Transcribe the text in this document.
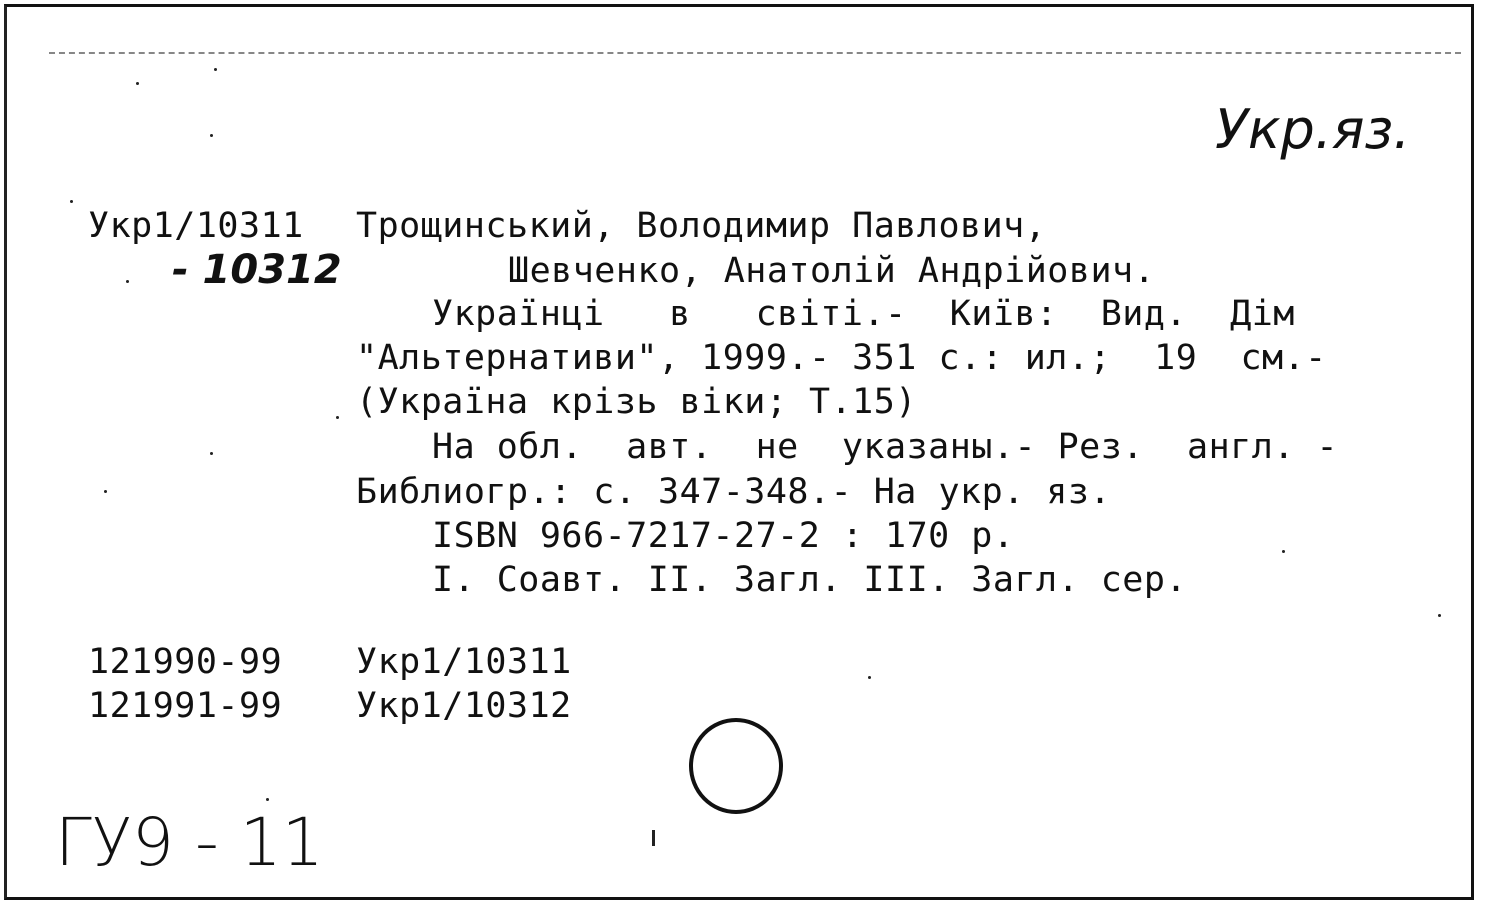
Укр.яз.
Укр1/10311
- 10312
Трощинський, Володимир Павлович,
Шевченко, Анатолій Андрійович.
Українці   в   світі.-  Київ:  Вид.  Дім
"Альтернативи", 1999.- 351 с.: ил.;  19  см.-
(Україна крізь віки; Т.15)
На обл.  авт.  не  указаны.- Рез.  англ. -
Библиогр.: с. 347-348.- На укр. яз.
ISBN 966-7217-27-2 : 170 р.
I. Соавт. II. Загл. III. Загл. сер.
121990-99 Укр1/10311
121991-99 Укр1/10312
ГУ9 - 11
